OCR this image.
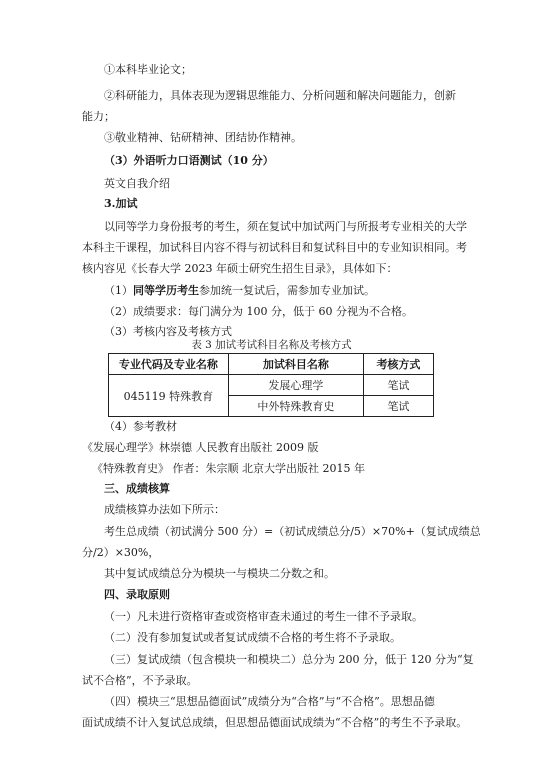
①本科毕业论文；
②科研能力，具体表现为逻辑思维能力、分析问题和解决问题能力，创新
能力；
③敬业精神、钻研精神、团结协作精神。
（3）外语听力口语测试（10 分）
英文自我介绍
3.加试
以同等学力身份报考的考生，须在复试中加试两门与所报考专业相关的大学
本科主干课程，加试科目内容不得与初试科目和复试科目中的专业知识相同。考
核内容见《长春大学 2023 年硕士研究生招生目录》，具体如下：
（1）同等学历考生参加统一复试后，需参加专业加试。
（2）成绩要求：每门满分为 100 分，低于 60 分视为不合格。
（3）考核内容及考核方式
表 3 加试考试科目名称及考核方式
专业代码及专业名称	加试科目名称	考核方式
045119 特殊教育	发展心理学	笔试
	中外特殊教育史	笔试
（4）参考教材
《发展心理学》林崇德 人民教育出版社 2009 版
《特殊教育史》 作者：朱宗顺 北京大学出版社 2015 年
三、成绩核算
成绩核算办法如下所示：
考生总成绩（初试满分 500 分）=（初试成绩总分/5）×70%+（复试成绩总
分/2）×30%，
其中复试成绩总分为模块一与模块二分数之和。
四、录取原则
（一）凡未进行资格审查或资格审查未通过的考生一律不予录取。
（二）没有参加复试或者复试成绩不合格的考生将不予录取。
（三）复试成绩（包含模块一和模块二）总分为 200 分，低于 120 分为“复
试不合格”，不予录取。
（四）模块三“思想品德面试”成绩分为“合格”与“不合格”。思想品德
面试成绩不计入复试总成绩，但思想品德面试成绩为“不合格”的考生不予录取。
